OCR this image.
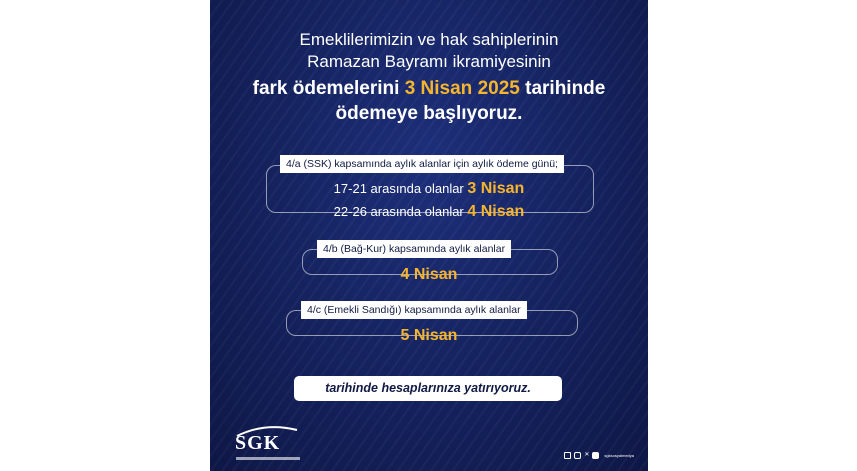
Emeklilerimizin ve hak sahiplerinin
Ramazan Bayramı ikramiyesinin
fark ödemelerini 3 Nisan 2025 tarihinde
ödemeye başlıyoruz.
4/a (SSK) kapsamında aylık alanlar için aylık ödeme günü;
17-21 arasında olanlar 3 Nisan
22-26 arasında olanlar 4 Nisan
4/b (Bağ-Kur) kapsamında aylık alanlar
4 Nisan
4/c (Emekli Sandığı) kapsamında aylık alanlar
5 Nisan
tarihinde hesaplarınıza yatırıyoruz.
SGK
✕	sgksosyalmedya
